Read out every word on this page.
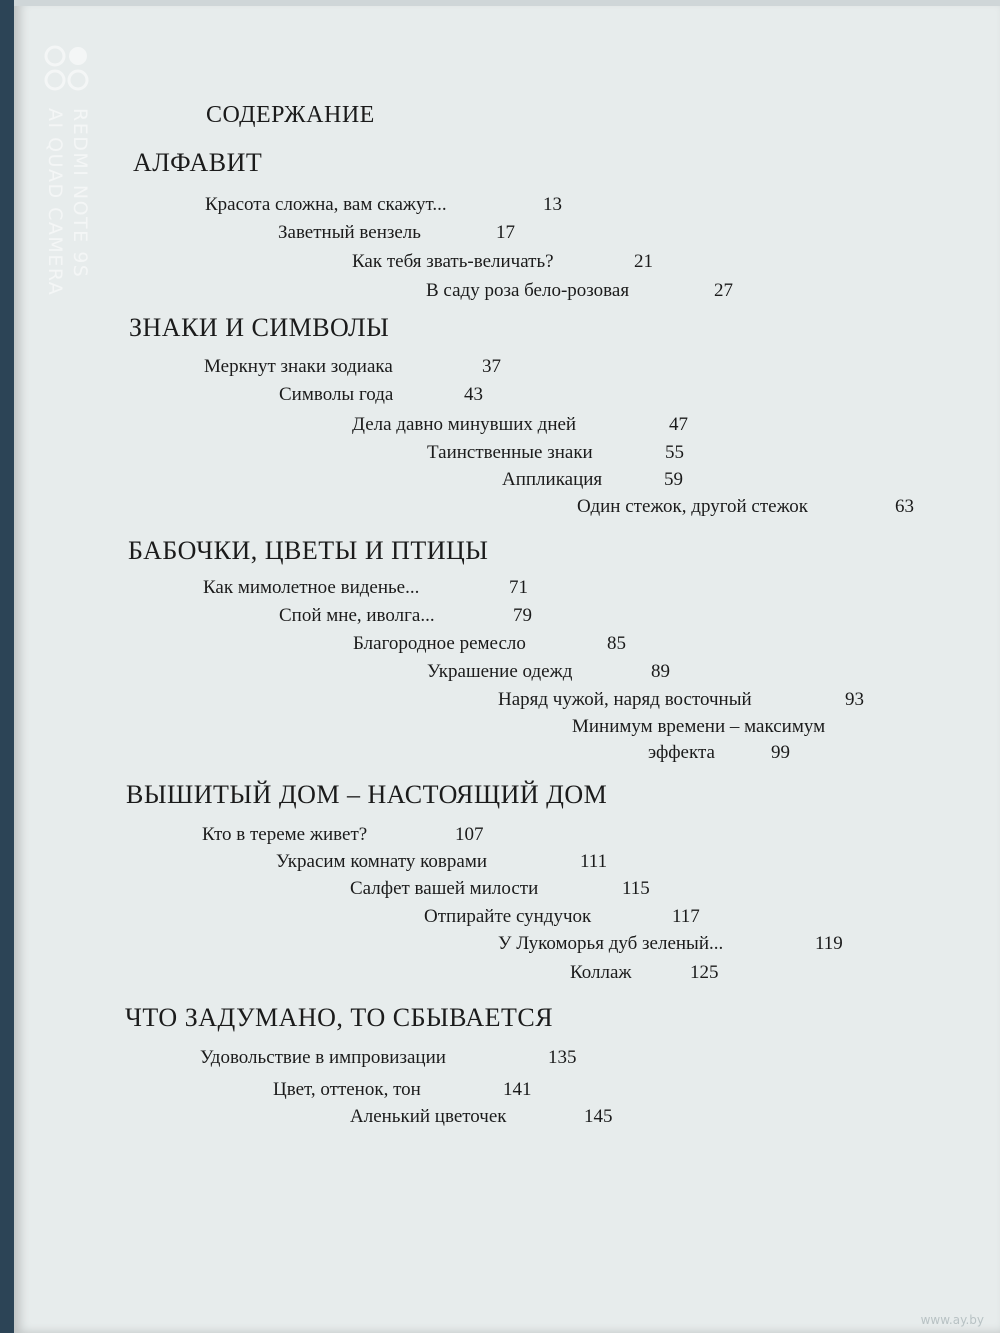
REDMI NOTE 9S
AI QUAD CAMERA	СОДЕРЖАНИЕ
АЛФАВИТ
Красота сложна, вам скажут...	13
Заветный вензель	17
Как тебя звать-величать?	21
В саду роза бело-розовая	27
ЗНАКИ И СИМВОЛЫ
Меркнут знаки зодиака	37
Символы года	43
Дела давно минувших дней	47
Таинственные знаки	55
Аппликация	59
Один стежок, другой стежок	63
БАБОЧКИ, ЦВЕТЫ И ПТИЦЫ
Как мимолетное виденье...	71
Спой мне, иволга...	79
Благородное ремесло	85
Украшение одежд	89
Наряд чужой, наряд восточный	93
Минимум времени – максимум
эффекта	99
ВЫШИТЫЙ ДОМ – НАСТОЯЩИЙ ДОМ
Кто в тереме живет?	107
Украсим комнату коврами	111
Салфет вашей милости	115
Отпирайте сундучок	117
У Лукоморья дуб зеленый...	119
Коллаж	125
ЧТО ЗАДУМАНО, ТО СБЫВАЕТСЯ
Удовольствие в импровизации	135
Цвет, оттенок, тон	141
Аленький цветочек	145
www.ay.by
